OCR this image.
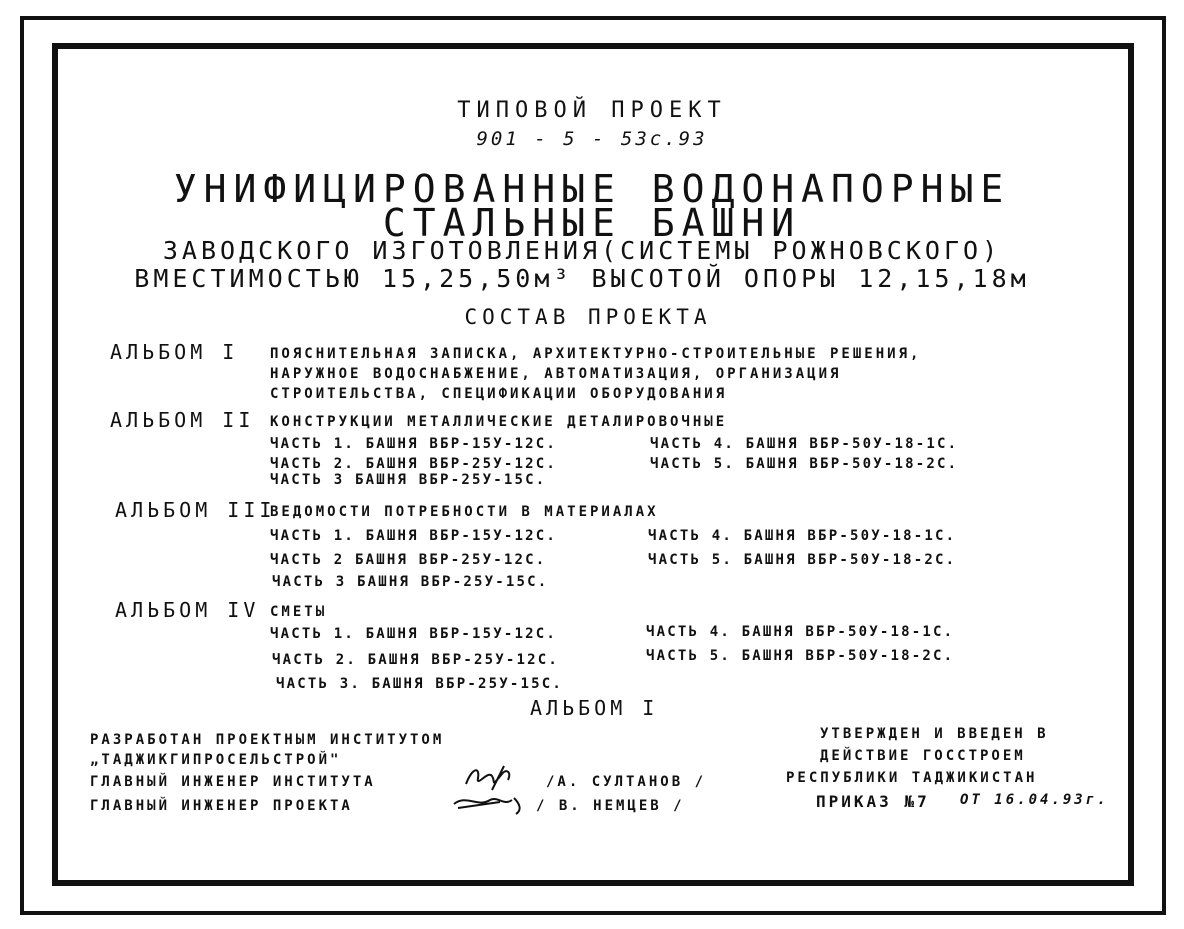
ТИПОВОЙ ПРОЕКТ
901 - 5 - 53с.93
УНИФИЦИРОВАННЫЕ ВОДОНАПОРНЫЕ
СТАЛЬНЫЕ БАШНИ
ЗАВОДСКОГО ИЗГОТОВЛЕНИЯ(СИСТЕМЫ РОЖНОВСКОГО)
ВМЕСТИМОСТЬЮ 15,25,50м³ ВЫСОТОЙ ОПОРЫ 12,15,18м
СОСТАВ ПРОЕКТА
АЛЬБОМ I ПОЯСНИТЕЛЬНАЯ ЗАПИСКА, АРХИТЕКТУРНО-СТРОИТЕЛЬНЫЕ РЕШЕНИЯ,
НАРУЖНОЕ ВОДОСНАБЖЕНИЕ, АВТОМАТИЗАЦИЯ, ОРГАНИЗАЦИЯ
СТРОИТЕЛЬСТВА, СПЕЦИФИКАЦИИ ОБОРУДОВАНИЯ
АЛЬБОМ II КОНСТРУКЦИИ МЕТАЛЛИЧЕСКИЕ ДЕТАЛИРОВОЧНЫЕ
ЧАСТЬ 1. БАШНЯ ВБР-15У-12С.	ЧАСТЬ 4. БАШНЯ ВБР-50У-18-1С.
ЧАСТЬ 2. БАШНЯ ВБР-25У-12С.	ЧАСТЬ 5. БАШНЯ ВБР-50У-18-2С.
ЧАСТЬ 3 БАШНЯ ВБР-25У-15С.
АЛЬБОМ III
ВЕДОМОСТИ ПОТРЕБНОСТИ В МАТЕРИАЛАХ
ЧАСТЬ 1. БАШНЯ ВБР-15У-12С.	ЧАСТЬ 4. БАШНЯ ВБР-50У-18-1С.
ЧАСТЬ 2 БАШНЯ ВБР-25У-12С.	ЧАСТЬ 5. БАШНЯ ВБР-50У-18-2С.
ЧАСТЬ 3 БАШНЯ ВБР-25У-15С.
АЛЬБОМ IV СМЕТЫ
ЧАСТЬ 1. БАШНЯ ВБР-15У-12С.	ЧАСТЬ 4. БАШНЯ ВБР-50У-18-1С.
ЧАСТЬ 2. БАШНЯ ВБР-25У-12С.	ЧАСТЬ 5. БАШНЯ ВБР-50У-18-2С.
ЧАСТЬ 3. БАШНЯ ВБР-25У-15С.
АЛЬБОМ I
РАЗРАБОТАН ПРОЕКТНЫМ ИНСТИТУТОМ
„ТАДЖИКГИПРОСЕЛЬСТРОЙ"
ГЛАВНЫЙ ИНЖЕНЕР ИНСТИТУТА	/А. СУЛТАНОВ /
ГЛАВНЫЙ ИНЖЕНЕР ПРОЕКТА	/ В. НЕМЦЕВ /
УТВЕРЖДЕН И ВВЕДЕН В
ДЕЙСТВИЕ ГОССТРОЕМ
РЕСПУБЛИКИ ТАДЖИКИСТАН
ПРИКАЗ №7 ОТ 16.04.93г.
